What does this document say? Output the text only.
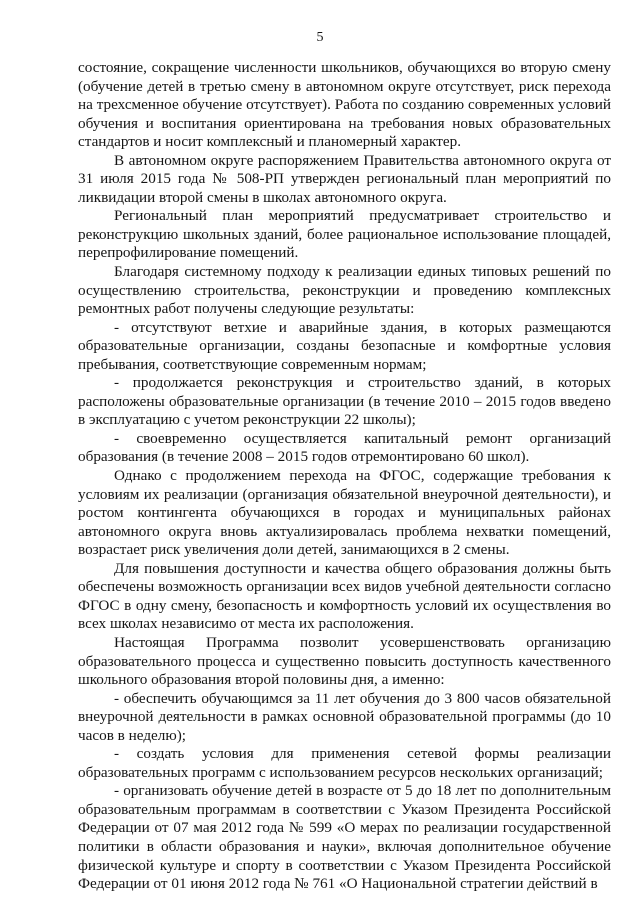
5

состояние, сокращение численности школьников, обучающихся во вторую смену (обучение детей в третью смену в автономном округе отсутствует, риск перехода на трехсменное обучение отсутствует). Работа по созданию современных условий обучения и воспитания ориентирована на требования новых образовательных стандартов и носит комплексный и планомерный характер.

В автономном округе распоряжением Правительства автономного округа от 31 июля 2015 года № 508-РП утвержден региональный план мероприятий по ликвидации второй смены в школах автономного округа.

Региональный план мероприятий предусматривает строительство и реконструкцию школьных зданий, более рациональное использование площадей, перепрофилирование помещений.

Благодаря системному подходу к реализации единых типовых решений по осуществлению строительства, реконструкции и проведению комплексных ремонтных работ получены следующие результаты:

- отсутствуют ветхие и аварийные здания, в которых размещаются образовательные организации, созданы безопасные и комфортные условия пребывания, соответствующие современным нормам;

- продолжается реконструкция и строительство зданий, в которых расположены образовательные организации (в течение 2010 – 2015 годов введено в эксплуатацию с учетом реконструкции 22 школы);

- своевременно осуществляется капитальный ремонт организаций образования (в течение 2008 – 2015 годов отремонтировано 60 школ).

Однако с продолжением перехода на ФГОС, содержащие требования к условиям их реализации (организация обязательной внеурочной деятельности), и ростом контингента обучающихся в городах и муниципальных районах автономного округа вновь актуализировалась проблема нехватки помещений, возрастает риск увеличения доли детей, занимающихся в 2 смены.

Для повышения доступности и качества общего образования должны быть обеспечены возможность организации всех видов учебной деятельности согласно ФГОС в одну смену, безопасность и комфортность условий их осуществления во всех школах независимо от места их расположения.

Настоящая Программа позволит усовершенствовать организацию образовательного процесса и существенно повысить доступность качественного школьного образования второй половины дня, а именно:

- обеспечить обучающимся за 11 лет обучения до 3 800 часов обязательной внеурочной деятельности в рамках основной образовательной программы (до 10 часов в неделю);

- создать условия для применения сетевой формы реализации образовательных программ с использованием ресурсов нескольких организаций;

- организовать обучение детей в возрасте от 5 до 18 лет по дополнительным образовательным программам в соответствии с Указом Президента Российской Федерации от 07 мая 2012 года № 599 «О мерах по реализации государственной политики в области образования и науки», включая дополнительное обучение физической культуре и спорту в соответствии с Указом Президента Российской Федерации от 01 июня 2012 года № 761 «О Национальной стратегии действий в
